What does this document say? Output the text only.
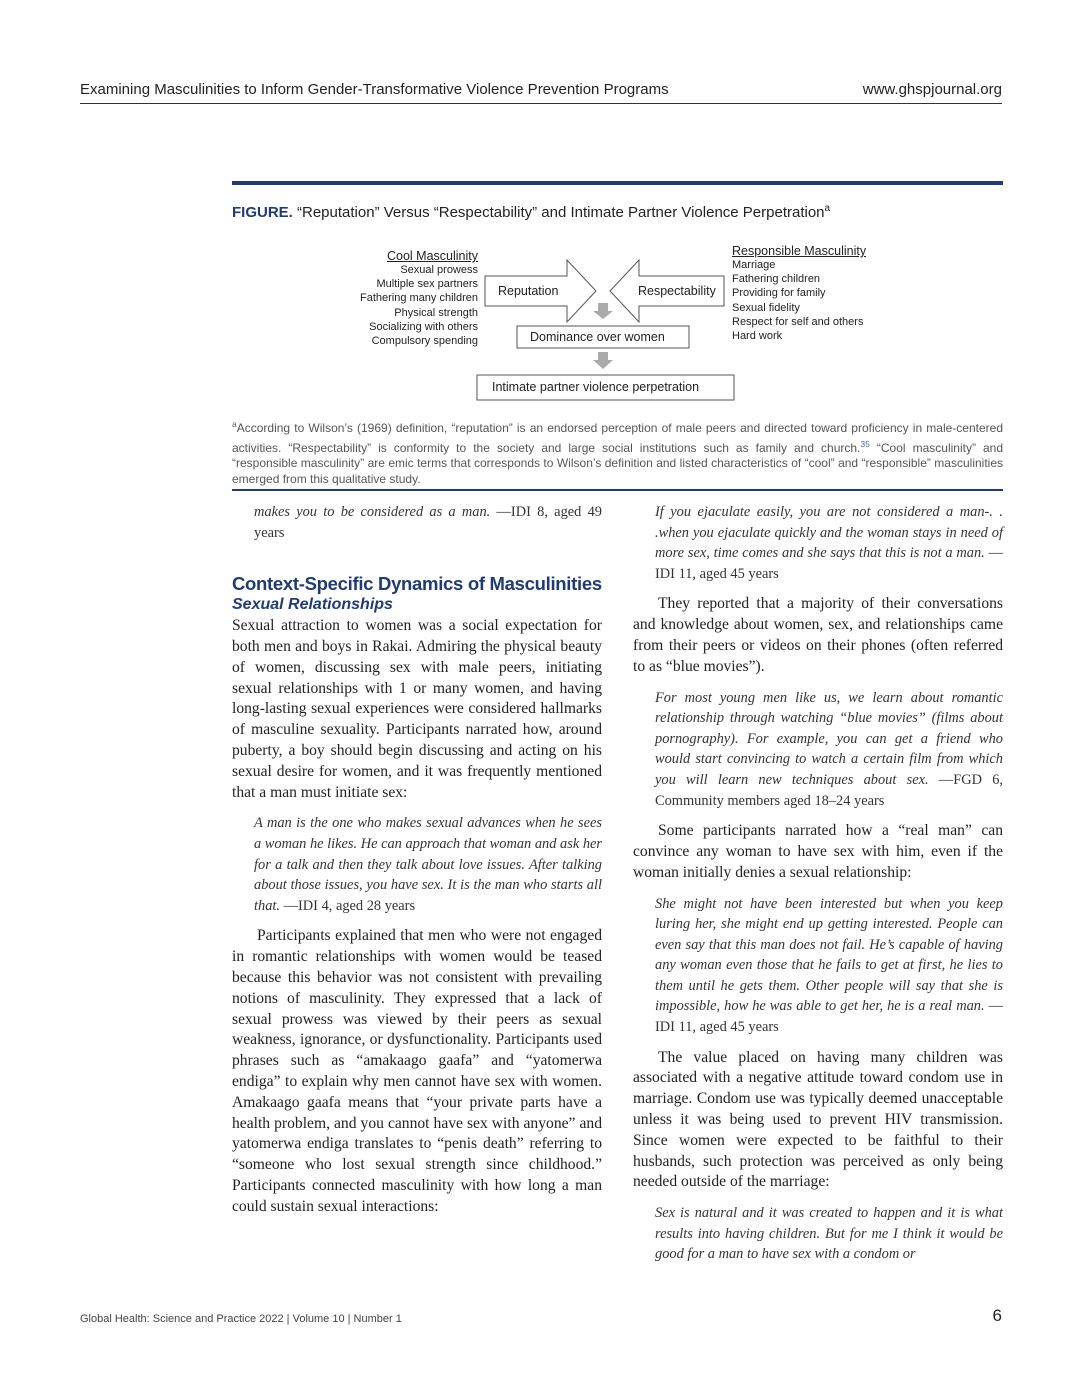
Examining Masculinities to Inform Gender-Transformative Violence Prevention Programs	www.ghspjournal.org
FIGURE. “Reputation” Versus “Respectability” and Intimate Partner Violence Perpetration$^a$
Cool Masculinity
Sexual prowess
Multiple sex partners
Fathering many children
Physical strength
Socializing with others
Compulsory spending
Responsible Masculinity
Marriage
Fathering children
Providing for family
Sexual fidelity
Respect for self and others
Hard work
Reputation	Respectability
Dominance over women
Intimate partner violence perpetration
$^a$According to Wilson’s (1969) definition, “reputation” is an endorsed perception of male peers and directed toward proficiency in male-centered activities. “Respectability” is conformity to the society and large social institutions such as family and church.$^{35}$ “Cool masculinity” and “responsible masculinity” are emic terms that corresponds to Wilson’s definition and listed characteristics of “cool” and “responsible” masculinities emerged from this qualitative study.
makes you to be considered as a man. —IDI 8, aged 49 years
Context-Specific Dynamics of Masculinities
Sexual Relationships

Sexual attraction to women was a social expectation for both men and boys in Rakai. Admiring the physical beauty of women, discussing sex with male peers, initiating sexual relationships with 1 or many women, and having long-lasting sexual experiences were considered hallmarks of masculine sexuality. Participants narrated how, around puberty, a boy should begin discussing and acting on his sexual desire for women, and it was frequently mentioned that a man must initiate sex:

A man is the one who makes sexual advances when he sees a woman he likes. He can approach that woman and ask her for a talk and then they talk about love issues. After talking about those issues, you have sex. It is the man who starts all that. —IDI 4, aged 28 years

Participants explained that men who were not engaged in romantic relationships with women would be teased because this behavior was not consistent with prevailing notions of masculinity. They expressed that a lack of sexual prowess was viewed by their peers as sexual weakness, ignorance, or dysfunctionality. Participants used phrases such as “amakaago gaafa” and “yatomerwa endiga” to explain why men cannot have sex with women. Amakaago gaafa means that “your private parts have a health problem, and you cannot have sex with anyone” and yatomerwa endiga translates to “penis death” referring to “someone who lost sexual strength since childhood.” Participants connected masculinity with how long a man could sustain sexual interactions:

If you ejaculate easily, you are not considered a man-. . .when you ejaculate quickly and the woman stays in need of more sex, time comes and she says that this is not a man. —IDI 11, aged 45 years

They reported that a majority of their conversations and knowledge about women, sex, and relationships came from their peers or videos on their phones (often referred to as “blue movies”).

For most young men like us, we learn about romantic relationship through watching “blue movies” (films about pornography). For example, you can get a friend who would start convincing to watch a certain film from which you will learn new techniques about sex. —FGD 6, Community members aged 18–24 years

Some participants narrated how a “real man” can convince any woman to have sex with him, even if the woman initially denies a sexual relationship:

She might not have been interested but when you keep luring her, she might end up getting interested. People can even say that this man does not fail. He’s capable of having any woman even those that he fails to get at first, he lies to them until he gets them. Other people will say that she is impossible, how he was able to get her, he is a real man. —IDI 11, aged 45 years

The value placed on having many children was associated with a negative attitude toward condom use in marriage. Condom use was typically deemed unacceptable unless it was being used to prevent HIV transmission. Since women were expected to be faithful to their husbands, such protection was perceived as only being needed outside of the marriage:

Sex is natural and it was created to happen and it is what results into having children. But for me I think it would be good for a man to have sex with a condom or
Global Health: Science and Practice 2022 | Volume 10 | Number 1	6
